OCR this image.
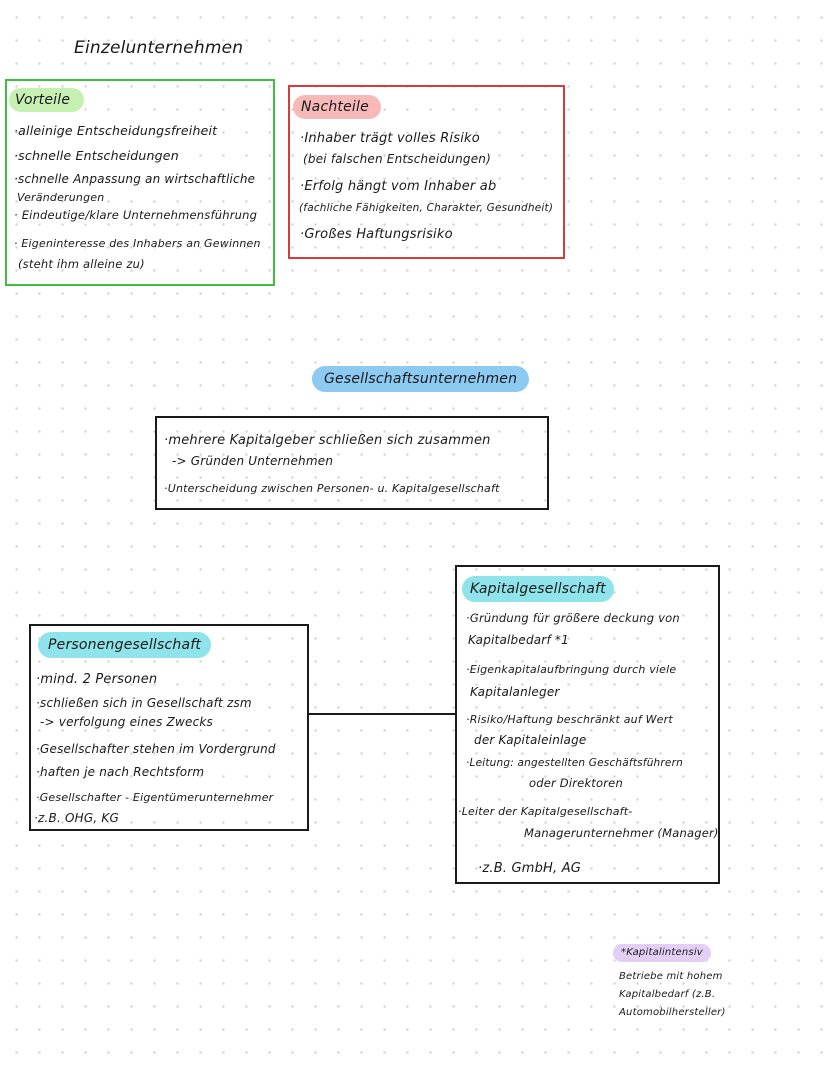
Einzelunternehmen
Vorteile
·alleinige Entscheidungsfreiheit
·schnelle Entscheidungen
·schnelle Anpassung an wirtschaftliche
Veränderungen
· Eindeutige/klare Unternehmensführung
· Eigeninteresse des Inhabers an Gewinnen
(steht ihm alleine zu)
Nachteile
·Inhaber trägt volles Risiko
(bei falschen Entscheidungen)
·Erfolg hängt vom Inhaber ab
(fachliche Fähigkeiten, Charakter, Gesundheit)
·Großes Haftungsrisiko
Gesellschaftsunternehmen
·mehrere Kapitalgeber schließen sich zusammen
-> Gründen Unternehmen
·Unterscheidung zwischen Personen- u. Kapitalgesellschaft
Personengesellschaft
·mind. 2 Personen
·schließen sich in Gesellschaft zsm
-> verfolgung eines Zwecks
·Gesellschafter stehen im Vordergrund
·haften je nach Rechtsform
·Gesellschafter - Eigentümerunternehmer
·z.B. OHG, KG
Kapitalgesellschaft
·Gründung für größere deckung von
Kapitalbedarf *1
·Eigenkapitalaufbringung durch viele
Kapitalanleger
·Risiko/Haftung beschränkt auf Wert
der Kapitaleinlage
·Leitung: angestellten Geschäftsführern
oder Direktoren
·Leiter der Kapitalgesellschaft-
Managerunternehmer (Manager)
·z.B. GmbH, AG
*Kapitalintensiv
Betriebe mit hohem
Kapitalbedarf (z.B.
Automobilhersteller)
